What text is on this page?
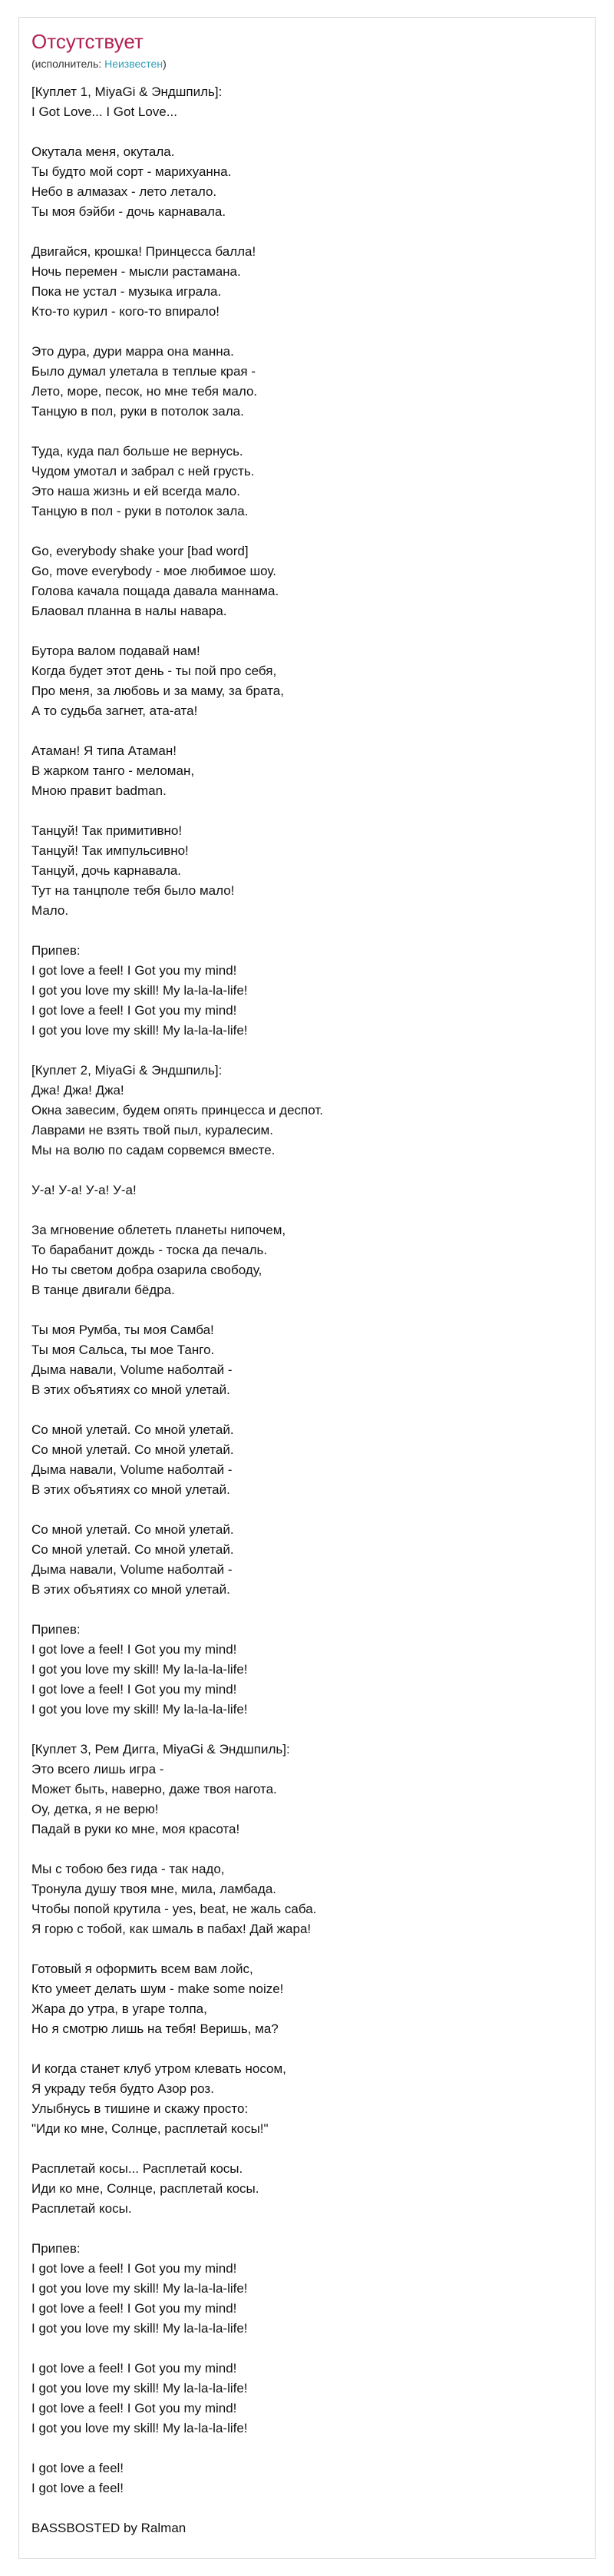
Отсутствует
(исполнитель: Неизвестен)
[Куплет 1, MiyaGi & Эндшпиль]:
I Got Love... I Got Love...
Окутала меня, окутала.
Ты будто мой сорт - марихуанна.
Небо в алмазах - лето летало.
Ты моя бэйби - дочь карнавала.
Двигайся, крошка! Принцесса балла!
Ночь перемен - мысли растамана.
Пока не устал - музыка играла.
Кто-то курил - кого-то впирало!
Это дура, дури марра она манна.
Было думал улетала в теплые края -
Лето, море, песок, но мне тебя мало.
Танцую в пол, руки в потолок зала.
Туда, куда пал больше не вернусь.
Чудом умотал и забрал с ней грусть.
Это наша жизнь и ей всегда мало.
Танцую в пол - руки в потолок зала.
Go, everybody shake your [bad word]
Go, move everybody - мое любимое шоу.
Голова качала пощада давала маннама.
Блаовал планна в налы навара.
Бутора валом подавай нам!
Когда будет этот день - ты пой про себя,
Про меня, за любовь и за маму, за брата,
А то судьба загнет, ата-ата!
Атаман! Я типа Атаман!
В жарком танго - меломан,
Мною правит badman.
Танцуй! Так примитивно!
Танцуй! Так импульсивно!
Танцуй, дочь карнавала.
Тут на танцполе тебя было мало!
Мало.
Припев:
I got love a feel! I Got you my mind!
I got you love my skill! My la-la-la-life!
I got love a feel! I Got you my mind!
I got you love my skill! My la-la-la-life!
[Куплет 2, MiyaGi & Эндшпиль]:
Джа! Джа! Джа!
Окна завесим, будем опять принцесса и деспот.
Лаврами не взять твой пыл, куралесим.
Мы на волю по садам сорвемся вместе.
У-а! У-а! У-а! У-а!
За мгновение облететь планеты нипочем,
То барабанит дождь - тоска да печаль.
Но ты светом добра озарила свободу,
В танце двигали бёдра.
Ты моя Румба, ты моя Самба!
Ты моя Сальса, ты мое Танго.
Дыма навали, Volume наболтай -
В этих объятиях со мной улетай.
Со мной улетай. Со мной улетай.
Со мной улетай. Со мной улетай.
Дыма навали, Volume наболтай -
В этих объятиях со мной улетай.
Со мной улетай. Со мной улетай.
Со мной улетай. Со мной улетай.
Дыма навали, Volume наболтай -
В этих объятиях со мной улетай.
Припев:
I got love a feel! I Got you my mind!
I got you love my skill! My la-la-la-life!
I got love a feel! I Got you my mind!
I got you love my skill! My la-la-la-life!
[Куплет 3, Рем Дигга, MiyaGi & Эндшпиль]:
Это всего лишь игра -
Может быть, наверно, даже твоя нагота.
Оу, детка, я не верю!
Падай в руки ко мне, моя красота!
Мы с тобою без гида - так надо,
Тронула душу твоя мне, мила, ламбада.
Чтобы попой крутила - yes, beat, не жаль саба.
Я горю с тобой, как шмаль в пабах! Дай жара!
Готовый я оформить всем вам лойс,
Кто умеет делать шум - make some noize!
Жара до утра, в угаре толпа,
Но я смотрю лишь на тебя! Веришь, ма?
И когда станет клуб утром клевать носом,
Я украду тебя будто Азор роз.
Улыбнусь в тишине и скажу просто:
"Иди ко мне, Солнце, расплетай косы!"
Расплетай косы... Расплетай косы.
Иди ко мне, Солнце, расплетай косы.
Расплетай косы.
Припев:
I got love a feel! I Got you my mind!
I got you love my skill! My la-la-la-life!
I got love a feel! I Got you my mind!
I got you love my skill! My la-la-la-life!
I got love a feel! I Got you my mind!
I got you love my skill! My la-la-la-life!
I got love a feel! I Got you my mind!
I got you love my skill! My la-la-la-life!
I got love a feel!
I got love a feel!
BASSBOSTED by Ralman
